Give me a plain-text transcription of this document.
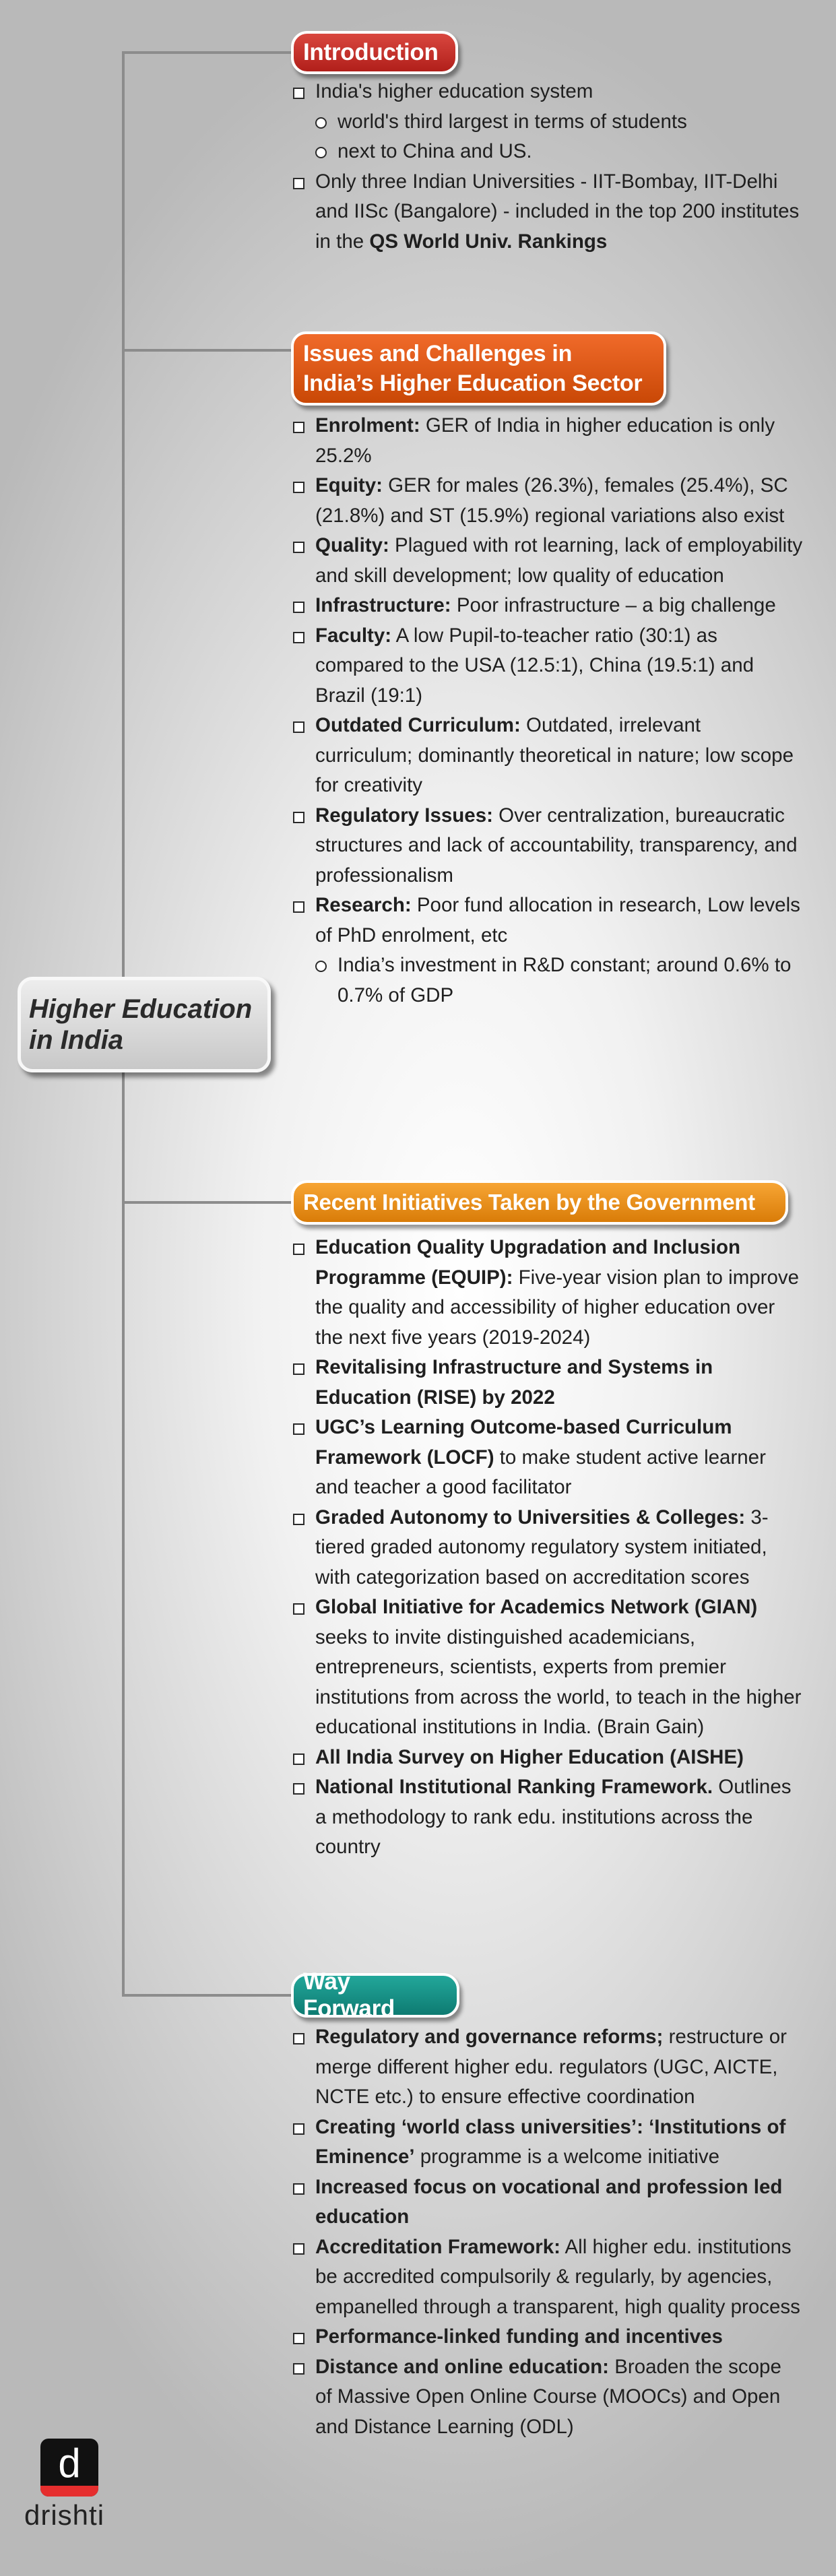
Higher Education
in India
Introduction
Issues and Challenges in
India’s Higher Education Sector
Recent Initiatives Taken by the Government
Way Forward
India's higher education system
world's third largest in terms of students
next to China and US.
Only three Indian Universities - IIT-Bombay, IIT-Delhi and IISc (Bangalore) - included in the top 200 institutes in the QS World Univ. Rankings
Enrolment: GER of India in higher education is only 25.2%
Equity: GER for males (26.3%), females (25.4%), SC (21.8%) and ST (15.9%) regional variations also exist
Quality: Plagued with rot learning, lack of employability and skill development; low quality of education
Infrastructure: Poor infrastructure – a big challenge
Faculty: A low Pupil-to-teacher ratio (30:1) as compared to the USA (12.5:1), China (19.5:1) and Brazil (19:1)
Outdated Curriculum: Outdated, irrelevant curriculum; dominantly theoretical in nature; low scope for creativity
Regulatory Issues: Over centralization, bureaucratic structures and lack of accountability, transparency, and professionalism
Research: Poor fund allocation in research, Low levels of PhD enrolment, etc
India’s investment in R&D constant; around 0.6% to 0.7% of GDP
Education Quality Upgradation and Inclusion Programme (EQUIP): Five-year vision plan to improve the quality and accessibility of higher education over the next five years (2019-2024)
Revitalising Infrastructure and Systems in Education (RISE) by 2022
UGC’s Learning Outcome-based Curriculum Framework (LOCF) to make student active learner and teacher a good facilitator
Graded Autonomy to Universities & Colleges: 3-tiered graded autonomy regulatory system initiated, with categorization based on accreditation scores
Global Initiative for Academics Network (GIAN) seeks to invite distinguished academicians, entrepreneurs, scientists, experts from premier institutions from across the world, to teach in the higher educational institutions in India. (Brain Gain)
All India Survey on Higher Education (AISHE)
National Institutional Ranking Framework. Outlines a methodology to rank edu. institutions across the country
Regulatory and governance reforms; restructure or merge different higher edu. regulators (UGC, AICTE, NCTE etc.) to ensure effective coordination
Creating ‘world class universities’: ‘Institutions of Eminence’ programme is a welcome initiative
Increased focus on vocational and profession led education
Accreditation Framework: All higher edu. institutions be accredited compulsorily & regularly, by agencies, empanelled through a transparent, high quality process
Performance-linked funding and incentives
Distance and online education: Broaden the scope of Massive Open Online Course (MOOCs) and Open and Distance Learning (ODL)
d
drishti
